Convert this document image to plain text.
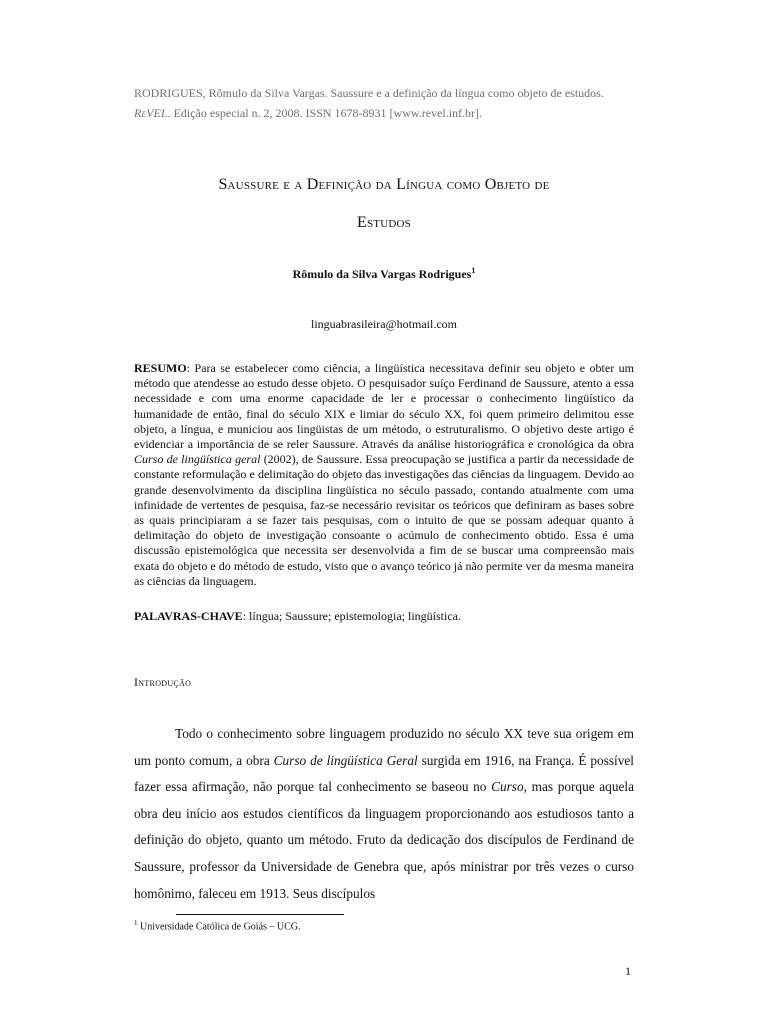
RODRIGUES, Rômulo da Silva Vargas. Saussure e a definição da língua como objeto de estudos.
ReVEL. Edição especial n. 2, 2008. ISSN 1678-8931 [www.revel.inf.br].
Saussure e a Definição da Língua como Objeto de
Estudos
Rômulo da Silva Vargas Rodrigues$^1$
linguabrasileira@hotmail.com
RESUMO: Para se estabelecer como ciência, a lingüística necessitava definir seu objeto e obter um método que atendesse ao estudo desse objeto. O pesquisador suíço Ferdinand de Saussure, atento a essa necessidade e com uma enorme capacidade de ler e processar o conhecimento lingüístico da humanidade de então, final do século XIX e limiar do século XX, foi quem primeiro delimitou esse objeto, a língua, e municiou aos lingüistas de um método, o estruturalismo. O objetivo deste artigo é evidenciar a importância de se reler Saussure. Através da análise historiográfica e cronológica da obra Curso de lingüística geral (2002), de Saussure. Essa preocupação se justifica a partir da necessidade de constante reformulação e delimitação do objeto das investigações das ciências da linguagem. Devido ao grande desenvolvimento da disciplina lingüística no século passado, contando atualmente com uma infinidade de vertentes de pesquisa, faz-se necessário revisitar os teóricos que definiram as bases sobre as quais principiaram a se fazer tais pesquisas, com o intuito de que se possam adequar quanto à delimitação do objeto de investigação consoante o acúmulo de conhecimento obtido. Essa é uma discussão epistemológica que necessita ser desenvolvida a fim de se buscar uma compreensão mais exata do objeto e do método de estudo, visto que o avanço teórico já não permite ver da mesma maneira as ciências da linguagem.
PALAVRAS-CHAVE: língua; Saussure; epistemologia; lingüística.
Introdução
Todo o conhecimento sobre linguagem produzido no século XX teve sua origem em um ponto comum, a obra Curso de lingüística Geral surgida em 1916, na França. É possível fazer essa afirmação, não porque tal conhecimento se baseou no Curso, mas porque aquela obra deu início aos estudos científicos da linguagem proporcionando aos estudiosos tanto a definição do objeto, quanto um método. Fruto da dedicação dos discípulos de Ferdinand de Saussure, professor da Universidade de Genebra que, após ministrar por três vezes o curso homônimo, faleceu em 1913. Seus discípulos
$^1$ Universidade Católica de Goiás – UCG.
1
